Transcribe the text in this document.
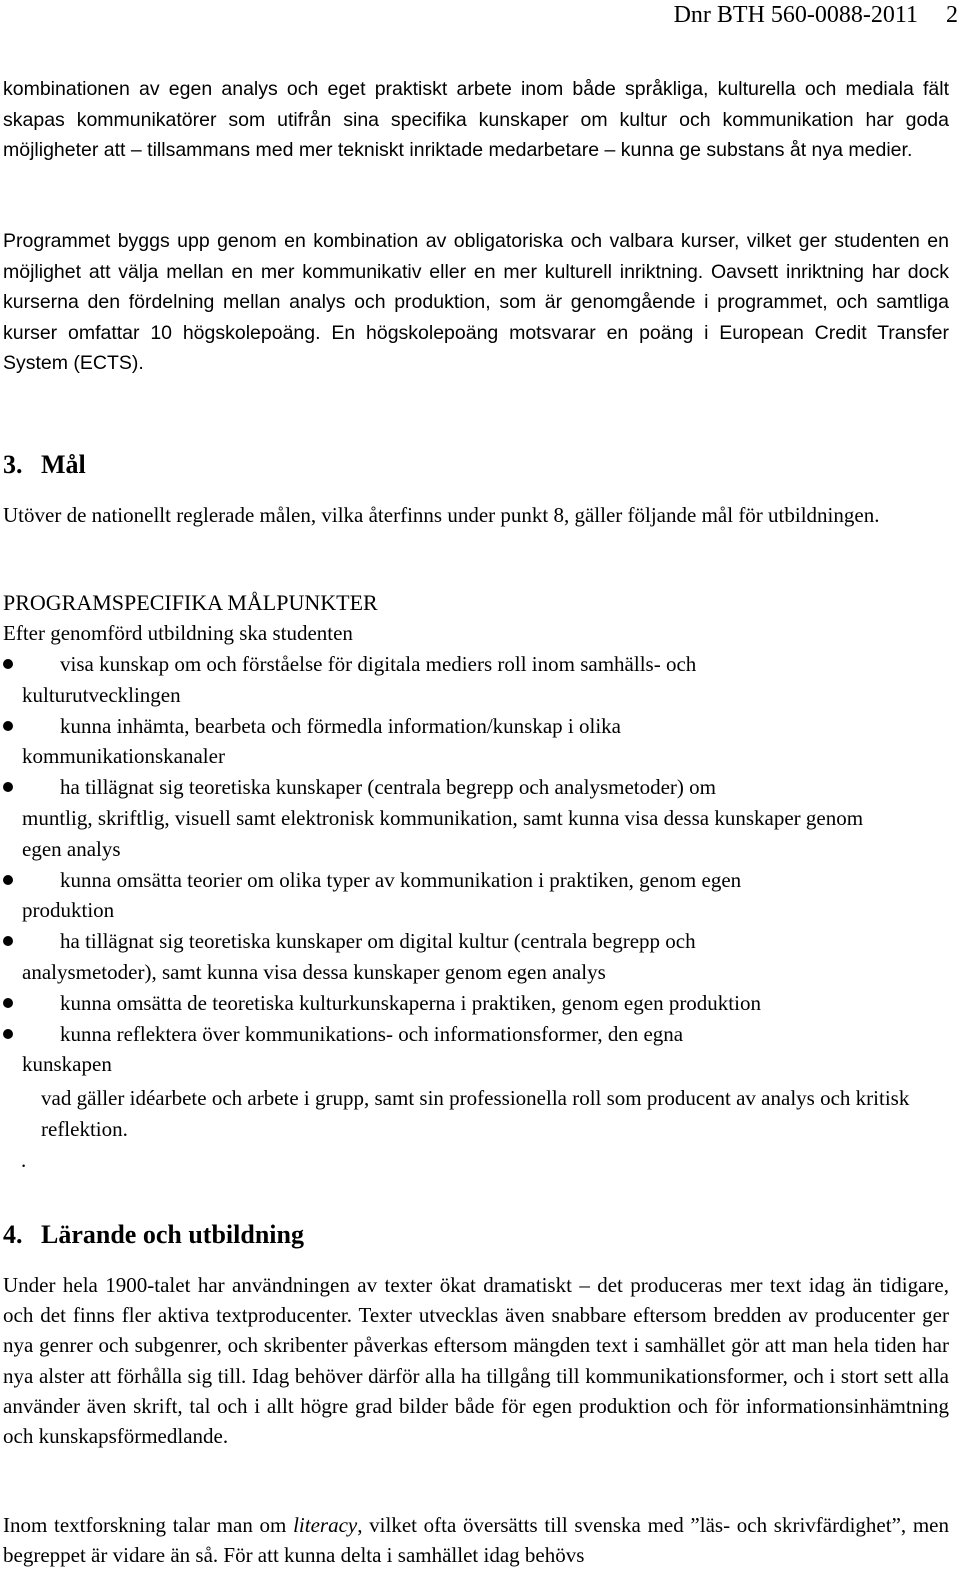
Dnr BTH 560-0088-2011 2

kombinationen av egen analys och eget praktiskt arbete inom både språkliga, kulturella och mediala fält skapas kommunikatörer som utifrån sina specifika kunskaper om kultur och kommunikation har goda möjligheter att – tillsammans med mer tekniskt inriktade medarbetare – kunna ge substans åt nya medier.

Programmet byggs upp genom en kombination av obligatoriska och valbara kurser, vilket ger studenten en möjlighet att välja mellan en mer kommunikativ eller en mer kulturell inriktning. Oavsett inriktning har dock kurserna den fördelning mellan analys och produktion, som är genomgående i programmet, och samtliga kurser omfattar 10 högskolepoäng. En högskolepoäng motsvarar en poäng i European Credit Transfer System (ECTS).

3. Mål

Utöver de nationellt reglerade målen, vilka återfinns under punkt 8, gäller följande mål för utbildningen.

PROGRAMSPECIFIKA MÅLPUNKTER

Efter genomförd utbildning ska studenten

visa kunskap om och förståelse för digitala mediers roll inom samhälls- och
kulturutvecklingen
kunna inhämta, bearbeta och förmedla information/kunskap i olika
kommunikationskanaler
ha tillägnat sig teoretiska kunskaper (centrala begrepp och analysmetoder) om
muntlig, skriftlig, visuell samt elektronisk kommunikation, samt kunna visa dessa kunskaper genom egen analys
kunna omsätta teorier om olika typer av kommunikation i praktiken, genom egen
produktion
ha tillägnat sig teoretiska kunskaper om digital kultur (centrala begrepp och
analysmetoder), samt kunna visa dessa kunskaper genom egen analys
kunna omsätta de teoretiska kulturkunskaperna i praktiken, genom egen produktion
kunna reflektera över kommunikations- och informationsformer, den egna
kunskapen

vad gäller idéarbete och arbete i grupp, samt sin professionella roll som producent av analys och kritisk reflektion.

.

4. Lärande och utbildning

Under hela 1900-talet har användningen av texter ökat dramatiskt – det produceras mer text idag än tidigare, och det finns fler aktiva textproducenter. Texter utvecklas även snabbare eftersom bredden av producenter ger nya genrer och subgenrer, och skribenter påverkas eftersom mängden text i samhället gör att man hela tiden har nya alster att förhålla sig till. Idag behöver därför alla ha tillgång till kommunikationsformer, och i stort sett alla använder även skrift, tal och i allt högre grad bilder både för egen produktion och för informationsinhämtning och kunskapsförmedlande.

Inom textforskning talar man om literacy, vilket ofta översätts till svenska med ”läs- och skrivfärdighet”, men begreppet är vidare än så. För att kunna delta i samhället idag behövs
